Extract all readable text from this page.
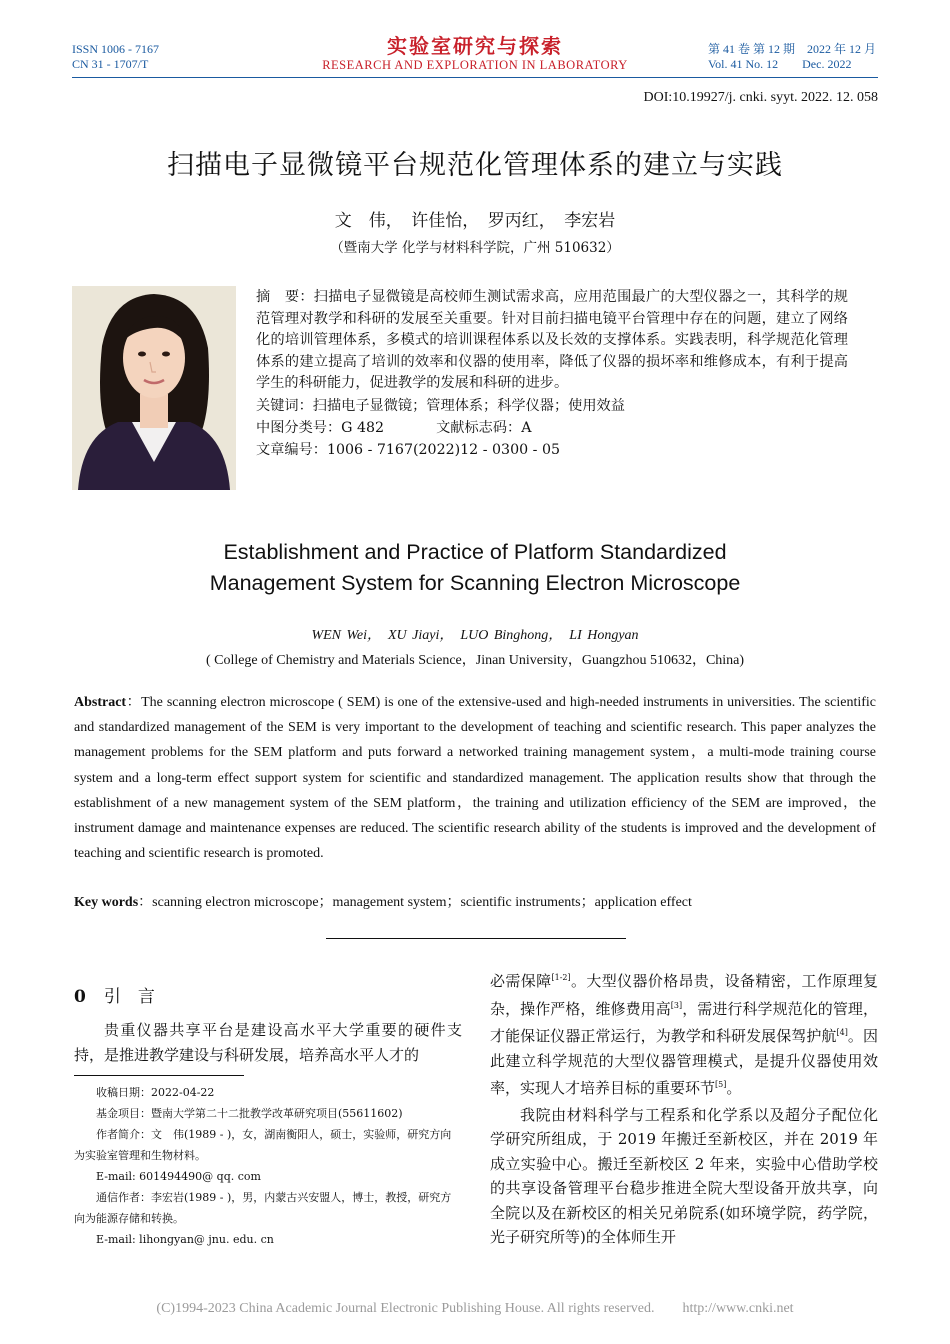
ISSN 1006 - 7167
CN 31 - 1707/T
实验室研究与探索
RESEARCH AND EXPLORATION IN LABORATORY
第 41 卷 第 12 期　2022 年 12 月
Vol. 41 No. 12　　Dec. 2022
DOI:10.19927/j. cnki. syyt. 2022. 12. 058
扫描电子显微镜平台规范化管理体系的建立与实践
文　伟，　许佳怡，　罗丙红，　李宏岩
（暨南大学 化学与材料科学院，广州 510632）
摘　要：扫描电子显微镜是高校师生测试需求高，应用范围最广的大型仪器之一，其科学的规范管理对教学和科研的发展至关重要。针对目前扫描电镜平台管理中存在的问题，建立了网络化的培训管理体系，多模式的培训课程体系以及长效的支撑体系。实践表明，科学规范化管理体系的建立提高了培训的效率和仪器的使用率，降低了仪器的损坏率和维修成本，有利于提高学生的科研能力，促进教学的发展和科研的进步。
关键词：扫描电子显微镜；管理体系；科学仪器；使用效益
中图分类号：G 482	文献标志码：A
文章编号：1006 - 7167(2022)12 - 0300 - 05
Establishment and Practice of Platform Standardized
Management System for Scanning Electron Microscope
WEN Wei，　XU Jiayi，　LUO Binghong，　LI Hongyan
( College of Chemistry and Materials Science，Jinan University，Guangzhou 510632，China)
Abstract：The scanning electron microscope ( SEM) is one of the extensive-used and high-needed instruments in universities. The scientific and standardized management of the SEM is very important to the development of teaching and scientific research. This paper analyzes the management problems for the SEM platform and puts forward a networked training management system，a multi-mode training course system and a long-term effect support system for scientific and standardized management. The application results show that through the establishment of a new management system of the SEM platform，the training and utilization efficiency of the SEM are improved，the instrument damage and maintenance expenses are reduced. The scientific research ability of the students is improved and the development of teaching and scientific research is promoted.
Key words：scanning electron microscope；management system；scientific instruments；application effect
0 引　言
贵重仪器共享平台是建设高水平大学重要的硬件支持，是推进教学建设与科研发展，培养高水平人才的
收稿日期：2022-04-22
基金项目：暨南大学第二十二批教学改革研究项目(55611602)
作者简介：文　伟(1989 - )，女，湖南衡阳人，硕士，实验师，研究方向为实验室管理和生物材料。
E-mail: 601494490@ qq. com
通信作者：李宏岩(1989 - )，男，内蒙古兴安盟人，博士，教授，研究方向为能源存储和转换。
E-mail: lihongyan@ jnu. edu. cn
必需保障[1-2]。大型仪器价格昂贵，设备精密，工作原理复杂，操作严格，维修费用高[3]，需进行科学规范化的管理，才能保证仪器正常运行，为教学和科研发展保驾护航[4]。因此建立科学规范的大型仪器管理模式，是提升仪器使用效率，实现人才培养目标的重要环节[5]。
我院由材料科学与工程系和化学系以及超分子配位化学研究所组成，于 2019 年搬迁至新校区，并在 2019 年成立实验中心。搬迁至新校区 2 年来，实验中心借助学校的共享设备管理平台稳步推进全院大型设备开放共享，向全院以及在新校区的相关兄弟院系(如环境学院，药学院，光子研究所等)的全体师生开
(C)1994-2023 China Academic Journal Electronic Publishing House. All rights reserved.　　http://www.cnki.net
